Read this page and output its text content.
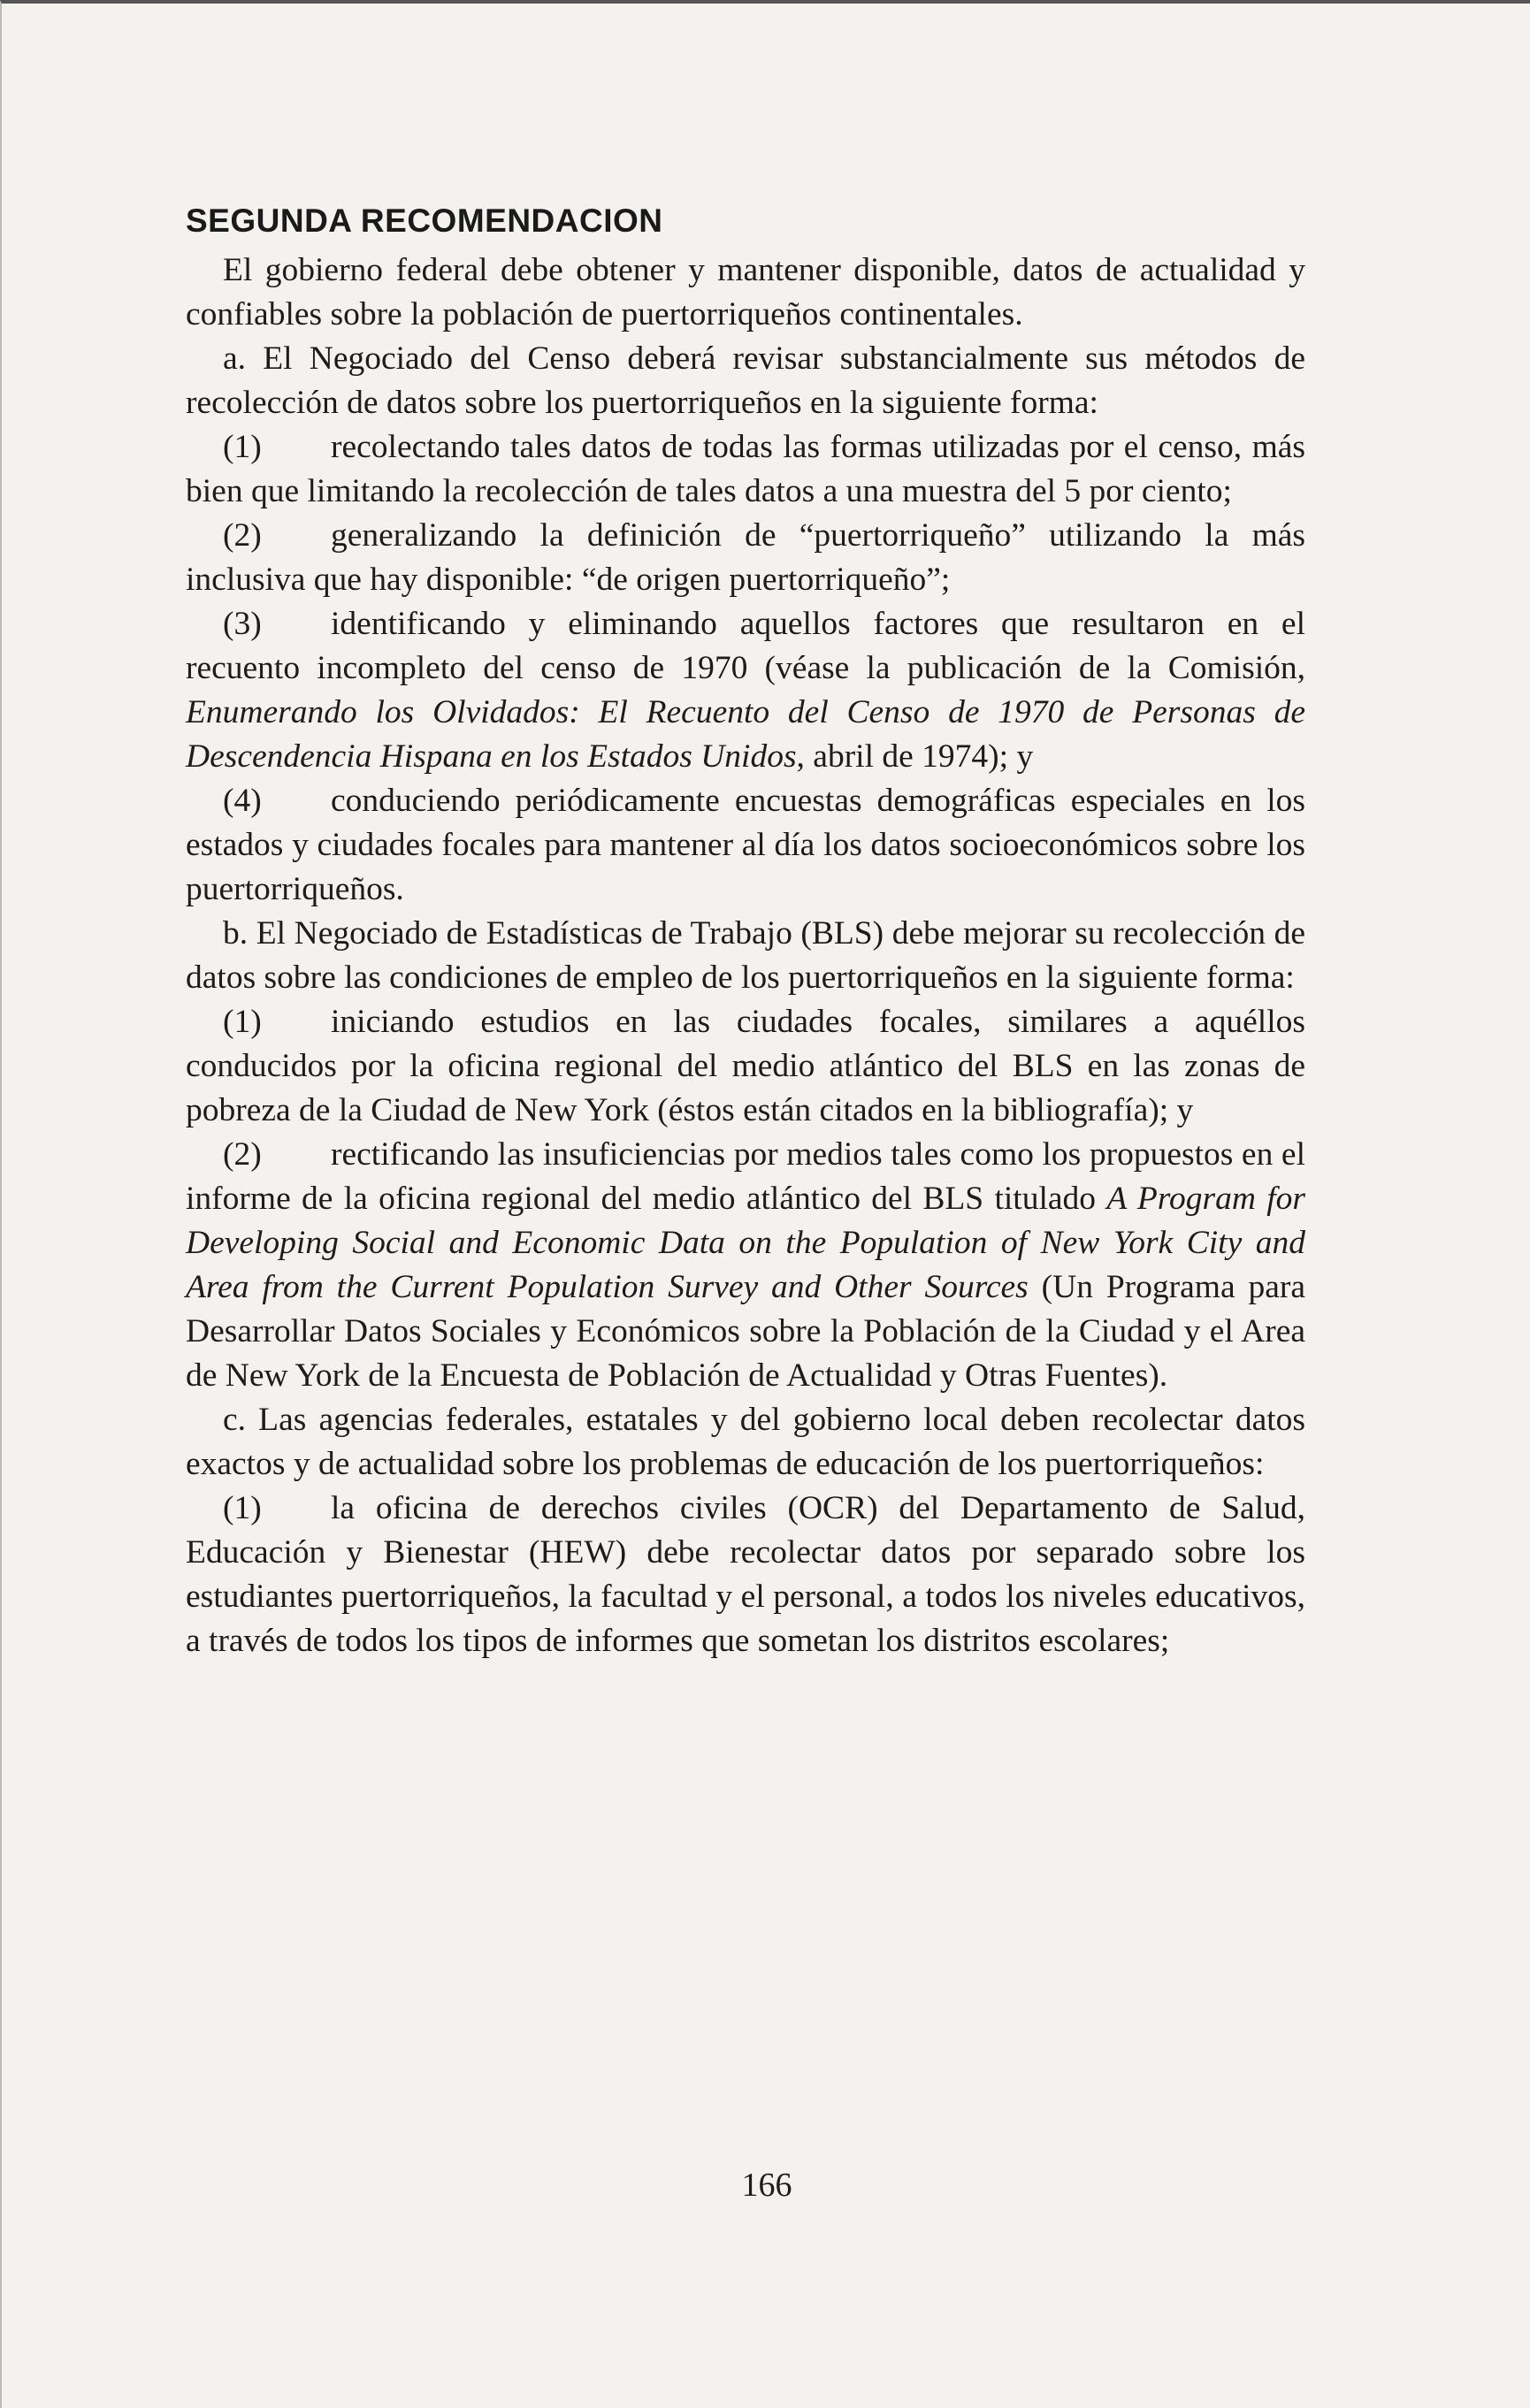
SEGUNDA RECOMENDACION

El gobierno federal debe obtener y mantener disponible, datos de actualidad y confiables sobre la población de puertorriqueños continentales.

a. El Negociado del Censo deberá revisar substancialmente sus métodos de recolección de datos sobre los puertorriqueños en la siguiente forma:

(1) recolectando tales datos de todas las formas utilizadas por el censo, más bien que limitando la recolección de tales datos a una muestra del 5 por ciento;

(2) generalizando la definición de “puertorriqueño” utilizando la más inclusiva que hay disponible: “de origen puertorriqueño”;

(3) identificando y eliminando aquellos factores que resultaron en el recuento incompleto del censo de 1970 (véase la publicación de la Comisión, Enumerando los Olvidados: El Recuento del Censo de 1970 de Personas de Descendencia Hispana en los Estados Unidos, abril de 1974); y

(4) conduciendo periódicamente encuestas demográficas especiales en los estados y ciudades focales para mantener al día los datos socioeconómicos sobre los puertorriqueños.

b. El Negociado de Estadísticas de Trabajo (BLS) debe mejorar su recolección de datos sobre las condiciones de empleo de los puertorriqueños en la siguiente forma:

(1) iniciando estudios en las ciudades focales, similares a aquéllos conducidos por la oficina regional del medio atlántico del BLS en las zonas de pobreza de la Ciudad de New York (éstos están citados en la bibliografía); y

(2) rectificando las insuficiencias por medios tales como los propuestos en el informe de la oficina regional del medio atlántico del BLS titulado A Program for Developing Social and Economic Data on the Population of New York City and Area from the Current Population Survey and Other Sources (Un Programa para Desarrollar Datos Sociales y Económicos sobre la Población de la Ciudad y el Area de New York de la Encuesta de Población de Actualidad y Otras Fuentes).

c. Las agencias federales, estatales y del gobierno local deben recolectar datos exactos y de actualidad sobre los problemas de educación de los puertorriqueños:

(1) la oficina de derechos civiles (OCR) del Departamento de Salud, Educación y Bienestar (HEW) debe recolectar datos por separado sobre los estudiantes puertorriqueños, la facultad y el personal, a todos los niveles educativos, a través de todos los tipos de informes que sometan los distritos escolares;

166
